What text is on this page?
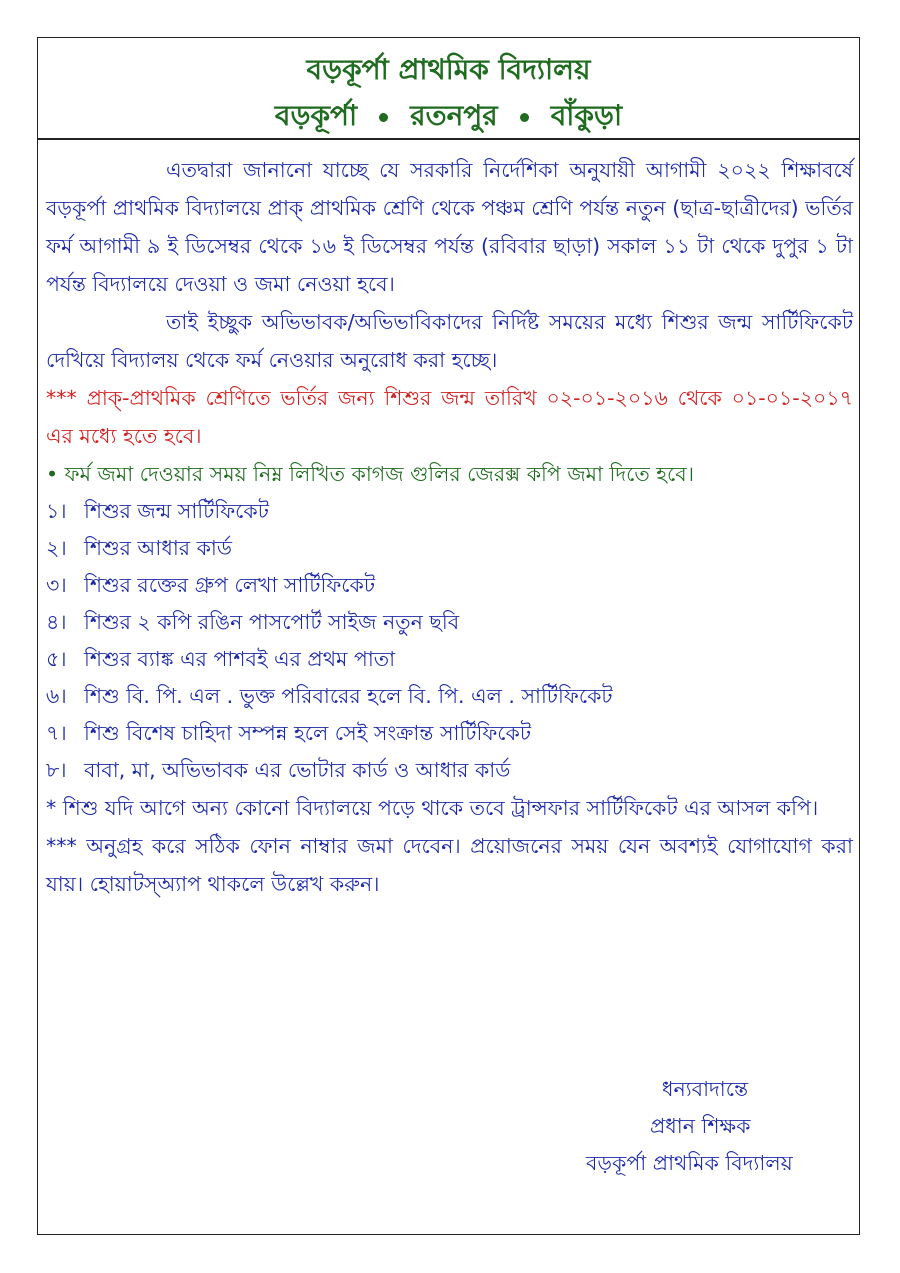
বড়কূর্পা প্রাথমিক বিদ্যালয়
বড়কূর্পা রতনপুর বাঁকুড়া

এতদ্বারা জানানো যাচ্ছে যে সরকারি নির্দেশিকা অনুযায়ী আগামী ২০২২ শিক্ষাবর্ষে বড়কূর্পা প্রাথমিক বিদ্যালয়ে প্রাক্ প্রাথমিক শ্রেণি থেকে পঞ্চম শ্রেণি পর্যন্ত নতুন (ছাত্র-ছাত্রীদের) ভর্তির ফর্ম আগামী ৯ ই ডিসেম্বর থেকে ১৬ ই ডিসেম্বর পর্যন্ত (রবিবার ছাড়া) সকাল ১১ টা থেকে দুপুর ১ টা পর্যন্ত বিদ্যালয়ে দেওয়া ও জমা নেওয়া হবে।

তাই ইচ্ছুক অভিভাবক/অভিভাবিকাদের নির্দিষ্ট সময়ের মধ্যে শিশুর জন্ম সার্টিফিকেট দেখিয়ে বিদ্যালয় থেকে ফর্ম নেওয়ার অনুরোধ করা হচ্ছে।

*** প্রাক্-প্রাথমিক শ্রেণিতে ভর্তির জন্য শিশুর জন্ম তারিখ ০২-০১-২০১৬ থেকে ০১-০১-২০১৭ এর মধ্যে হতে হবে।

• ফর্ম জমা দেওয়ার সময় নিম্ন লিখিত কাগজ গুলির জেরক্স কপি জমা দিতে হবে।

১। শিশুর জন্ম সার্টিফিকেট
২। শিশুর আধার কার্ড
৩। শিশুর রক্তের গ্রুপ লেখা সার্টিফিকেট
৪। শিশুর ২ কপি রঙিন পাসপোর্ট সাইজ নতুন ছবি
৫। শিশুর ব্যাঙ্ক এর পাশবই এর প্রথম পাতা
৬। শিশু বি. পি. এল . ভুক্ত পরিবারের হলে বি. পি. এল . সার্টিফিকেট
৭। শিশু বিশেষ চাহিদা সম্পন্ন হলে সেই সংক্রান্ত সার্টিফিকেট
৮। বাবা, মা, অভিভাবক এর ভোটার কার্ড ও আধার কার্ড

* শিশু যদি আগে অন্য কোনো বিদ্যালয়ে পড়ে থাকে তবে ট্রান্সফার সার্টিফিকেট এর আসল কপি।

*** অনুগ্রহ করে সঠিক ফোন নাম্বার জমা দেবেন। প্রয়োজনের সময় যেন অবশ্যই যোগাযোগ করা যায়। হোয়াটস্অ্যাপ থাকলে উল্লেখ করুন।

ধন্যবাদান্তে
প্রধান শিক্ষক
বড়কূর্পা প্রাথমিক বিদ্যালয়
